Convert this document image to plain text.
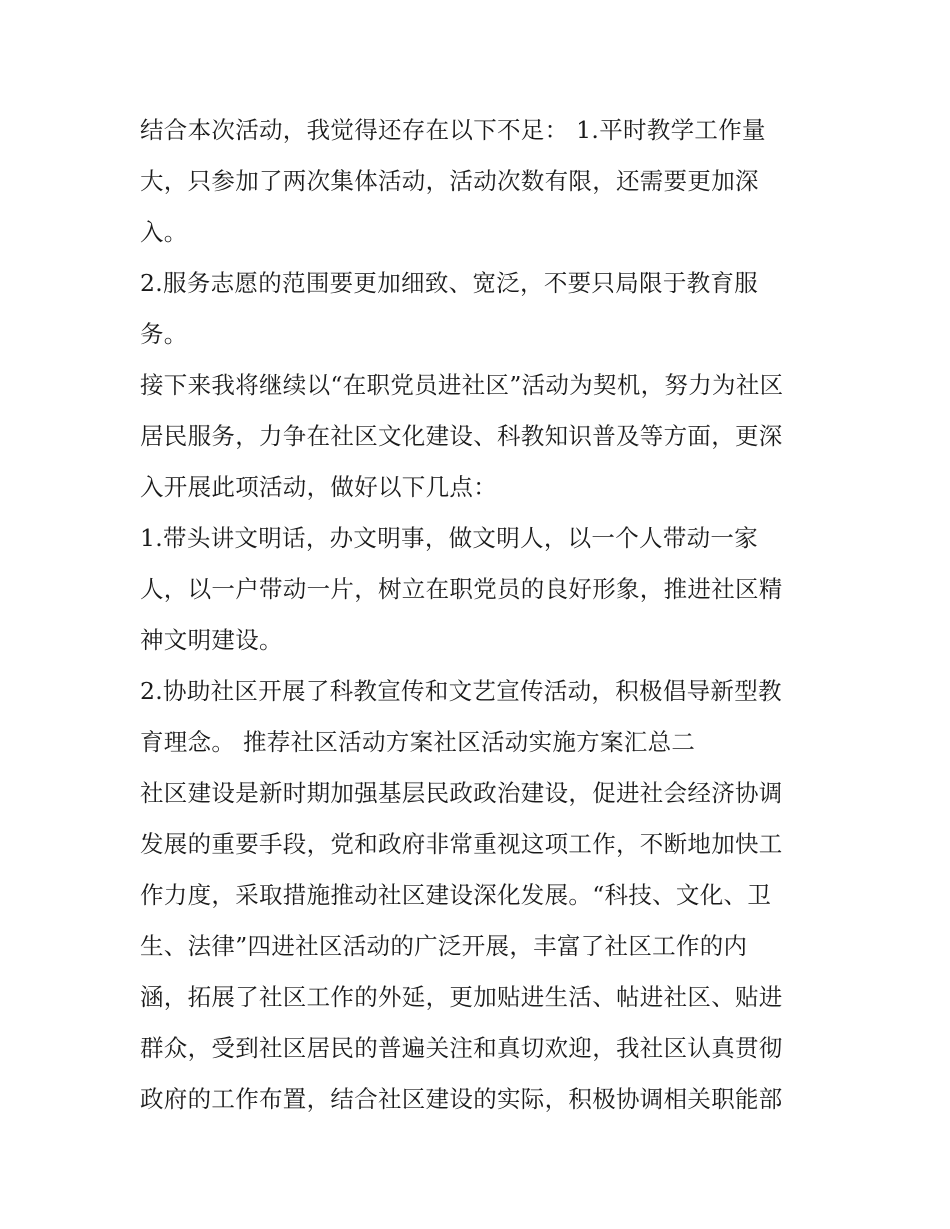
结合本次活动，我觉得还存在以下不足： 1.平时教学工作量
大，只参加了两次集体活动，活动次数有限，还需要更加深
入。
2.服务志愿的范围要更加细致、宽泛，不要只局限于教育服
务。
接下来我将继续以“在职党员进社区”活动为契机，努力为社区
居民服务，力争在社区文化建设、科教知识普及等方面，更深
入开展此项活动，做好以下几点：
1.带头讲文明话，办文明事，做文明人，以一个人带动一家
人，以一户带动一片，树立在职党员的良好形象，推进社区精
神文明建设。
2.协助社区开展了科教宣传和文艺宣传活动，积极倡导新型教
育理念。 推荐社区活动方案社区活动实施方案汇总二
社区建设是新时期加强基层民政政治建设，促进社会经济协调
发展的重要手段，党和政府非常重视这项工作，不断地加快工
作力度，采取措施推动社区建设深化发展。“科技、文化、卫
生、法律”四进社区活动的广泛开展，丰富了社区工作的内
涵，拓展了社区工作的外延，更加贴进生活、帖进社区、贴进
群众，受到社区居民的普遍关注和真切欢迎，我社区认真贯彻
政府的工作布置，结合社区建设的实际，积极协调相关职能部
